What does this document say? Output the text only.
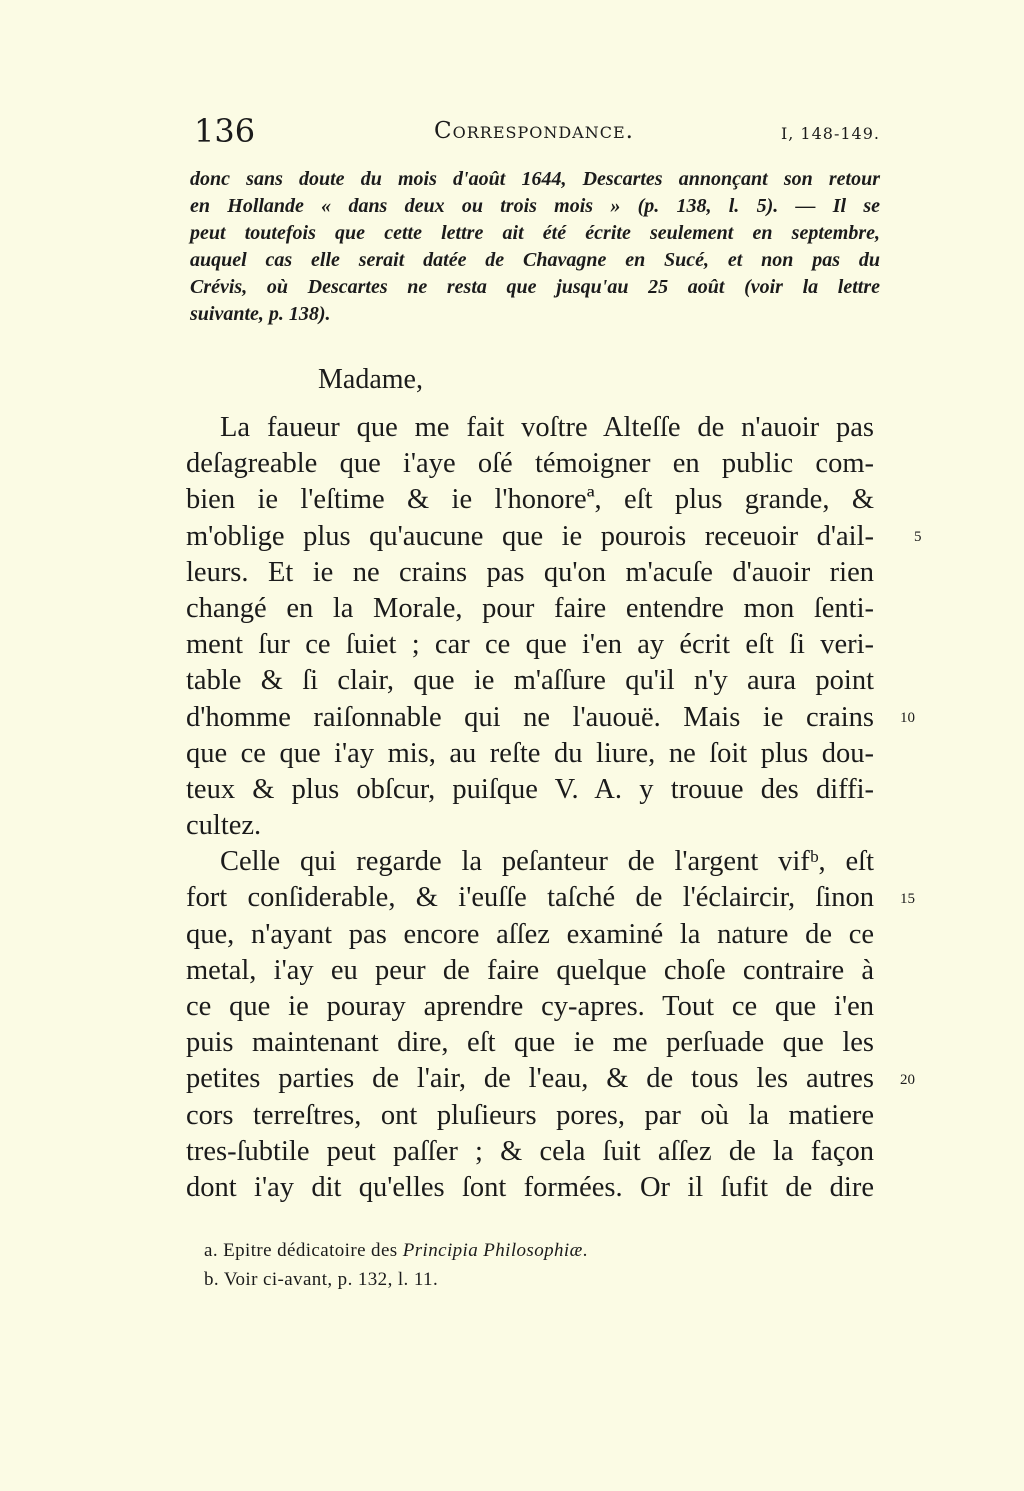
136	Correspondance.	I, 148-149.
donc sans doute du mois d'août 1644, Descartes annonçant son retour
en Hollande « dans deux ou trois mois » (p. 138, l. 5). — Il se
peut toutefois que cette lettre ait été écrite seulement en septembre,
auquel cas elle serait datée de Chavagne en Sucé, et non pas du
Crévis, où Descartes ne resta que jusqu'au 25 août (voir la lettre
suivante, p. 138).
Madame,
La faueur que me fait voſtre Alteſſe de n'auoir pas
deſagreable que i'aye oſé témoigner en public com-
bien ie l'eſtime & ie l'honoreª, eſt plus grande, &
m'oblige plus qu'aucune que ie pourois receuoir d'ail-
leurs. Et ie ne crains pas qu'on m'acuſe d'auoir rien
changé en la Morale, pour faire entendre mon ſenti-
ment ſur ce ſuiet ; car ce que i'en ay écrit eſt ſi veri-
table & ſi clair, que ie m'aſſure qu'il n'y aura point
d'homme raiſonnable qui ne l'auouë. Mais ie crains
que ce que i'ay mis, au reſte du liure, ne ſoit plus dou-
teux & plus obſcur, puiſque V. A. y trouue des diffi-
cultez.
Celle qui regarde la peſanteur de l'argent vifᵇ, eſt
fort conſiderable, & i'euſſe taſché de l'éclaircir, ſinon
que, n'ayant pas encore aſſez examiné la nature de ce
metal, i'ay eu peur de faire quelque choſe contraire à
ce que ie pouray aprendre cy-apres. Tout ce que i'en
puis maintenant dire, eſt que ie me perſuade que les
petites parties de l'air, de l'eau, & de tous les autres
cors terreſtres, ont pluſieurs pores, par où la matiere
tres-ſubtile peut paſſer ; & cela ſuit aſſez de la façon
dont i'ay dit qu'elles ſont formées. Or il ſufit de dire
5
10
15
20
a. Epitre dédicatoire des Principia Philosophiæ.
b. Voir ci-avant, p. 132, l. 11.
